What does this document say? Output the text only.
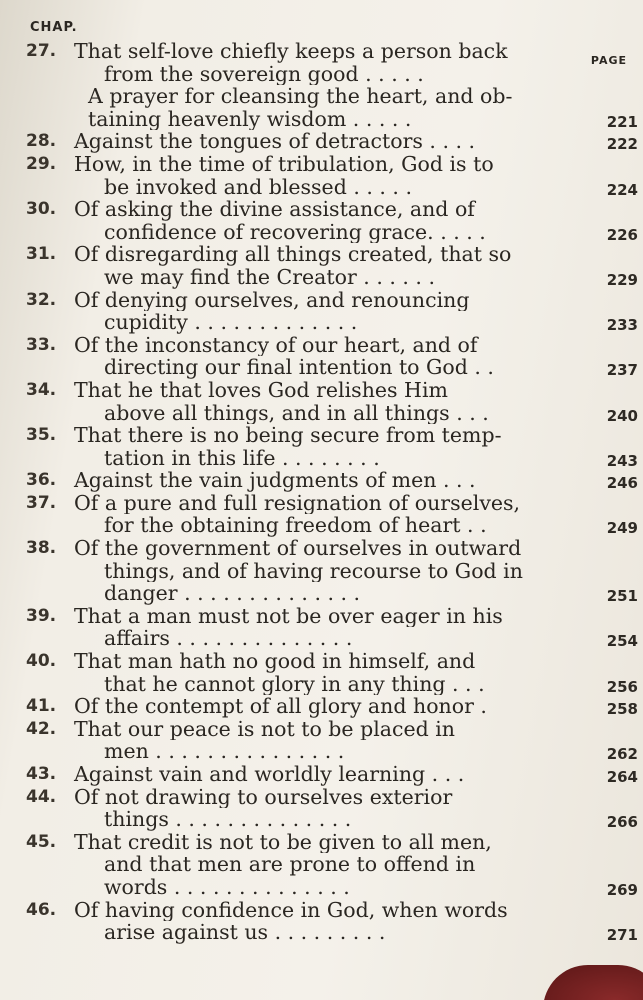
CHAP.
PAGE
27. That self-love chiefly keeps a person back
from the sovereign good . . . . .
A prayer for cleansing the heart, and ob-
taining heavenly wisdom . . . . .	221
28. Against the tongues of detractors . . . .	222
29. How, in the time of tribulation, God is to
be invoked and blessed . . . . .	224
30. Of asking the divine assistance, and of
confidence of recovering grace. . . . .	226
31. Of disregarding all things created, that so
we may find the Creator . . . . . .	229
32. Of denying ourselves, and renouncing
cupidity . . . . . . . . . . . . .	233
33. Of the inconstancy of our heart, and of
directing our final intention to God . .	237
34. That he that loves God relishes Him
above all things, and in all things . . .	240
35. That there is no being secure from temp-
tation in this life . . . . . . . .	243
36. Against the vain judgments of men . . .	246
37. Of a pure and full resignation of ourselves,
for the obtaining freedom of heart . .	249
38. Of the government of ourselves in outward
things, and of having recourse to God in
danger . . . . . . . . . . . . . .	251
39. That a man must not be over eager in his
affairs . . . . . . . . . . . . . .	254
40. That man hath no good in himself, and
that he cannot glory in any thing . . .	256
41. Of the contempt of all glory and honor .	258
42. That our peace is not to be placed in
men . . . . . . . . . . . . . . .	262
43. Against vain and worldly learning . . .	264
44. Of not drawing to ourselves exterior
things . . . . . . . . . . . . . .	266
45. That credit is not to be given to all men,
and that men are prone to offend in
words . . . . . . . . . . . . . .	269
46. Of having confidence in God, when words
arise against us . . . . . . . . .	271
